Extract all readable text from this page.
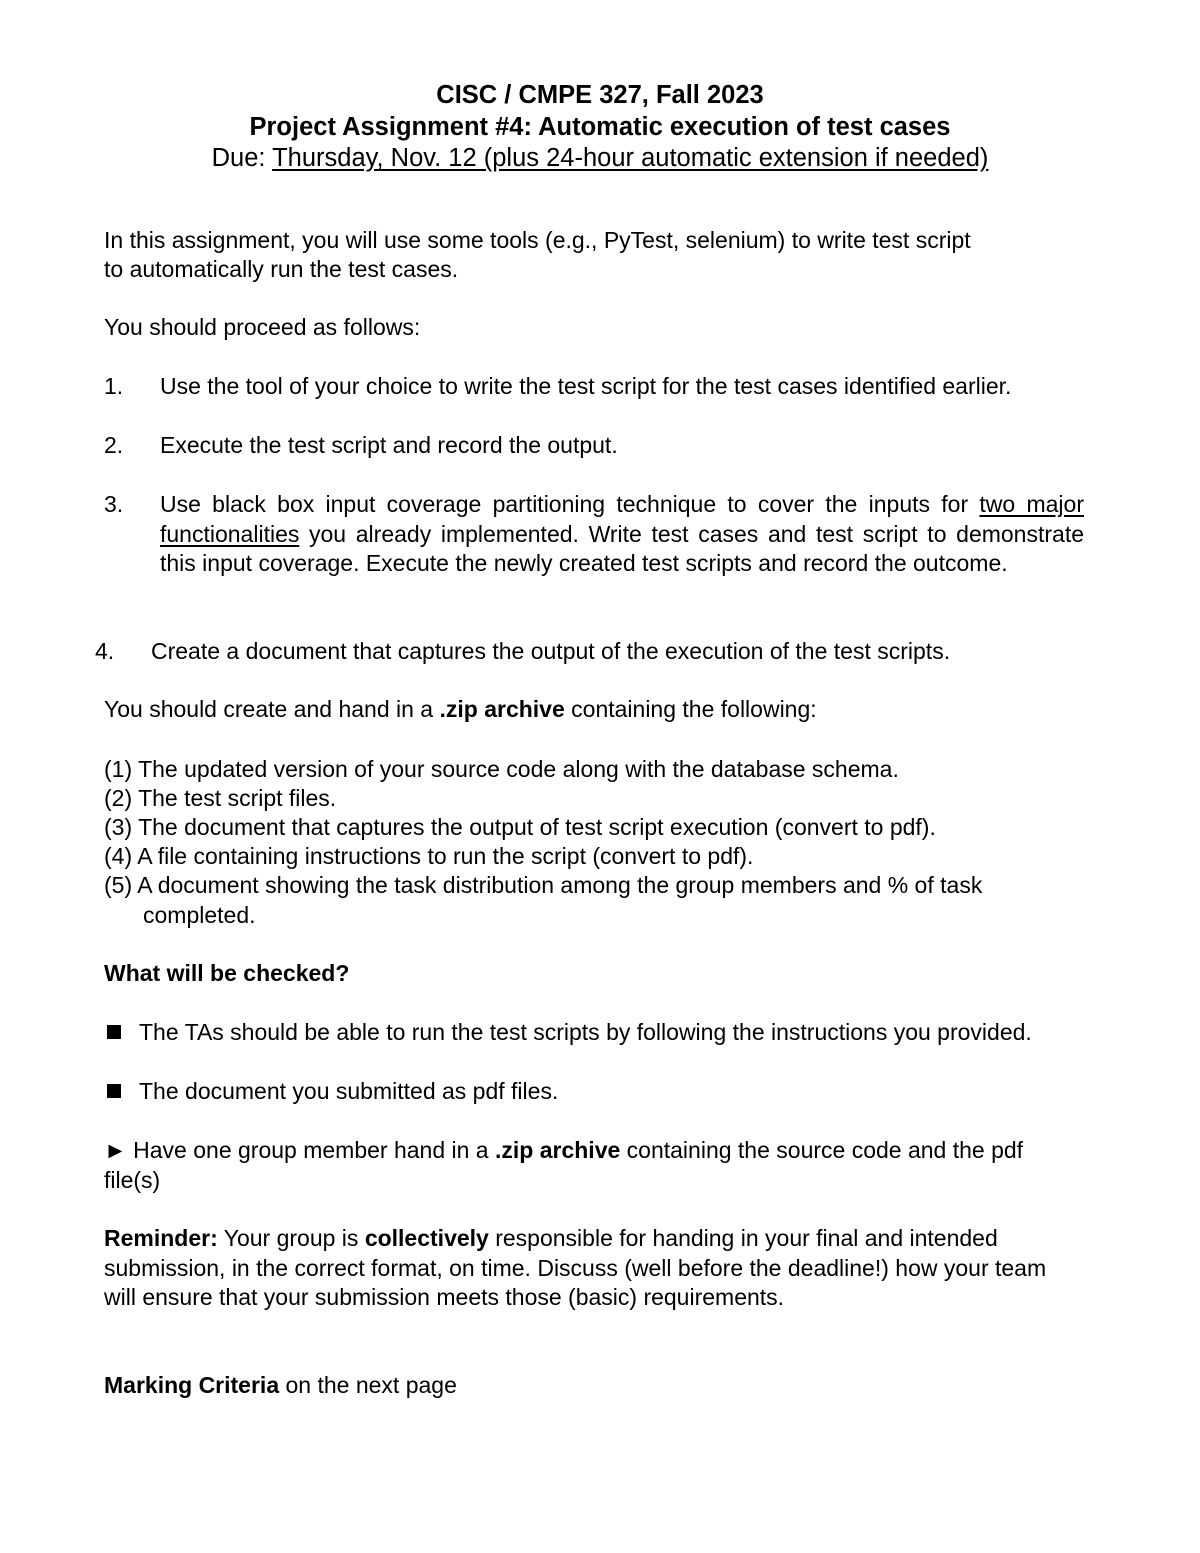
CISC / CMPE 327, Fall 2023
Project Assignment #4: Automatic execution of test cases
Due: Thursday, Nov. 12 (plus 24-hour automatic extension if needed)
In this assignment, you will use some tools (e.g., PyTest, selenium) to write test script
to automatically run the test cases.
You should proceed as follows:
1. Use the tool of your choice to write the test script for the test cases identified earlier.
2. Execute the test script and record the output.
3. Use black box input coverage partitioning technique to cover the inputs for two major functionalities you already implemented. Write test cases and test script to demonstrate this input coverage. Execute the newly created test scripts and record the outcome.
4. Create a document that captures the output of the execution of the test scripts.
You should create and hand in a .zip archive containing the following:
(1) The updated version of your source code along with the database schema.
(2) The test script files.
(3) The document that captures the output of test script execution (convert to pdf).
(4) A file containing instructions to run the script (convert to pdf).
(5) A document showing the task distribution among the group members and % of task completed.
What will be checked?
The TAs should be able to run the test scripts by following the instructions you provided.
The document you submitted as pdf files.
► Have one group member hand in a .zip archive containing the source code and the pdf file(s)
Reminder: Your group is collectively responsible for handing in your final and intended submission, in the correct format, on time. Discuss (well before the deadline!) how your team will ensure that your submission meets those (basic) requirements.
Marking Criteria on the next page
